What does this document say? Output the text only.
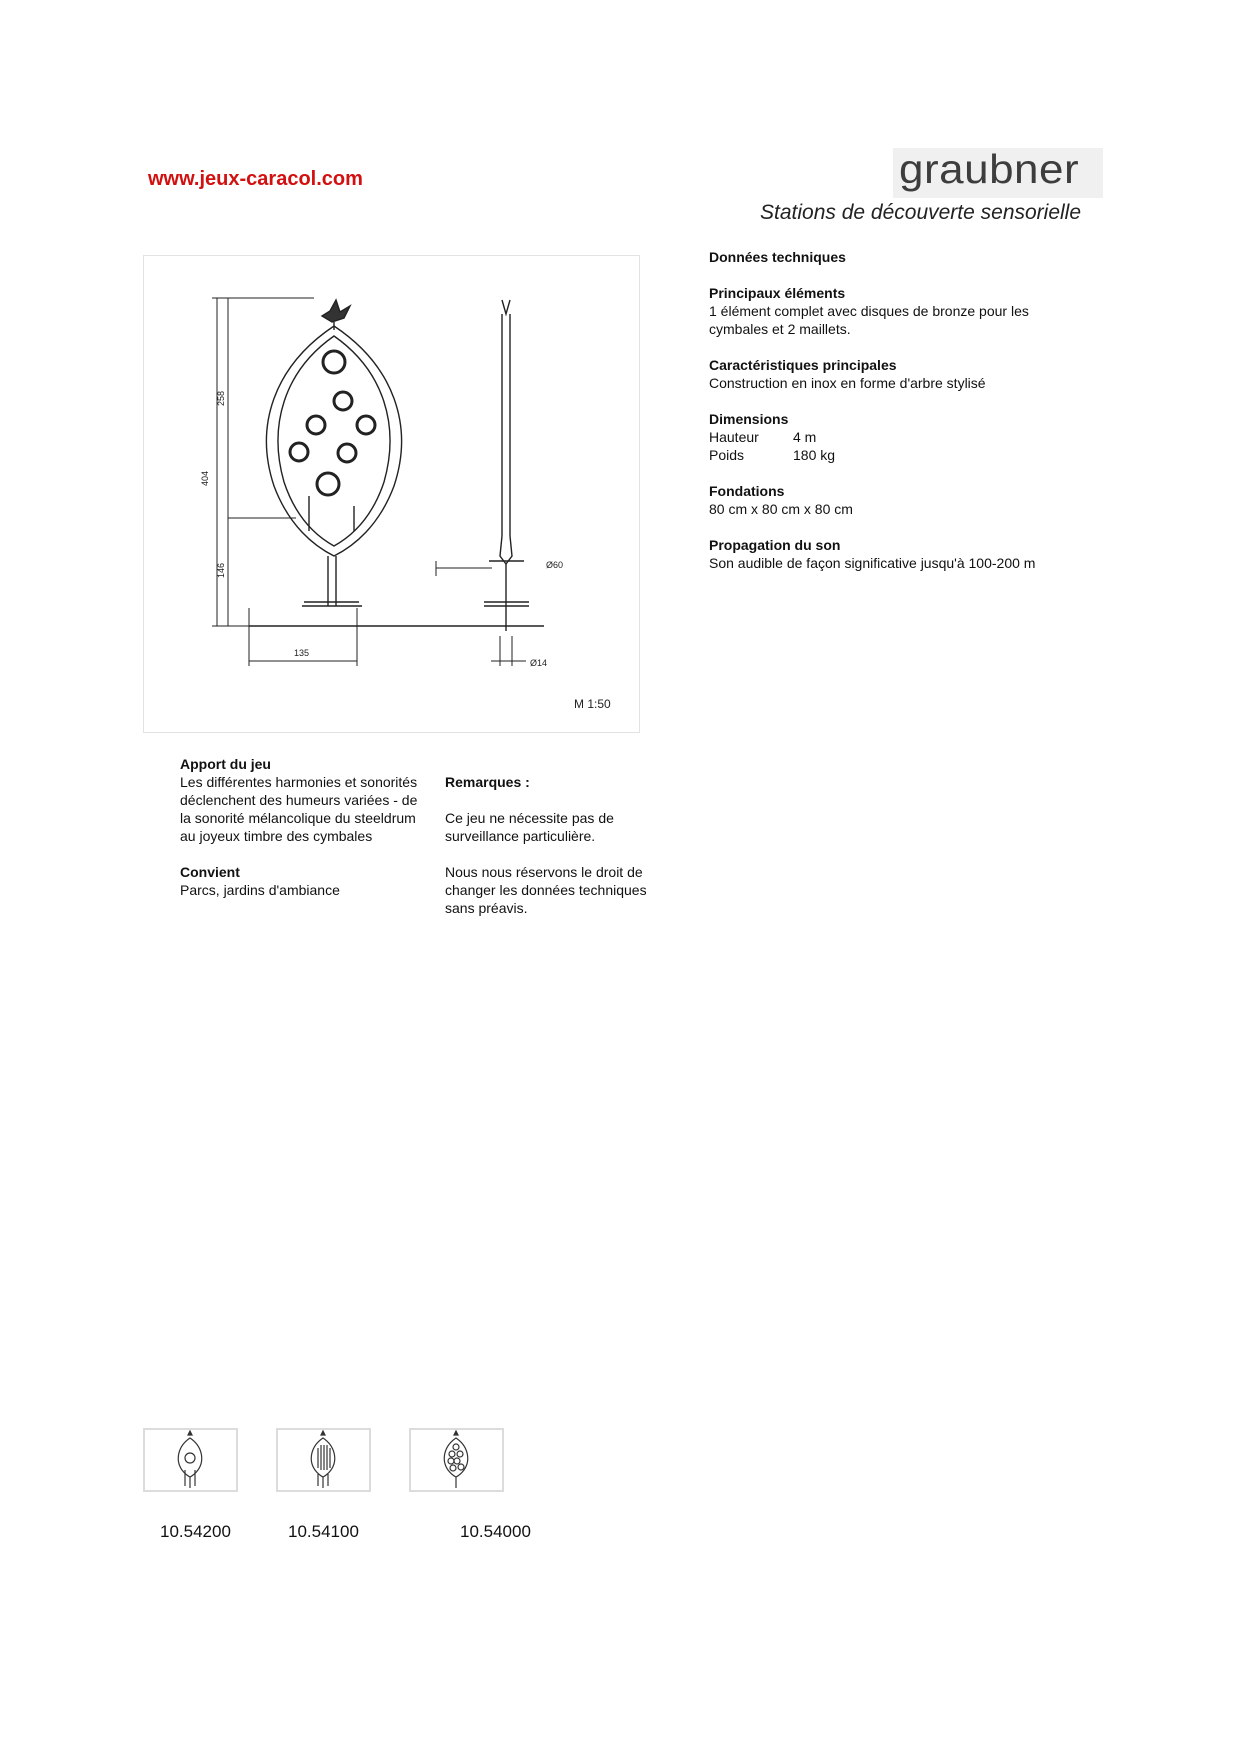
www.jeux-caracol.com	graubner
Stations de découverte sensorielle
404
258
146
135
Ø60
Ø14
M 1:50
Données techniques
Principaux éléments

1 élément complet avec disques de bronze pour les cymbales et 2 maillets.

Caractéristiques principales

Construction en inox en forme d'arbre stylisé

Dimensions
Hauteur	4 m
Poids	180 kg
Fondations

80 cm x 80 cm x 80 cm

Propagation du son

Son audible de façon significative jusqu'à 100-200 m

Apport du jeu

Les différentes harmonies et sonorités déclenchent des humeurs variées - de la sonorité mélancolique du steeldrum au joyeux timbre des cymbales

Convient

Parcs, jardins d'ambiance

Remarques :

Ce jeu ne nécessite pas de surveillance particulière.

Nous nous réservons le droit de changer les données techniques sans préavis.

10.54200	10.54100	10.54000
